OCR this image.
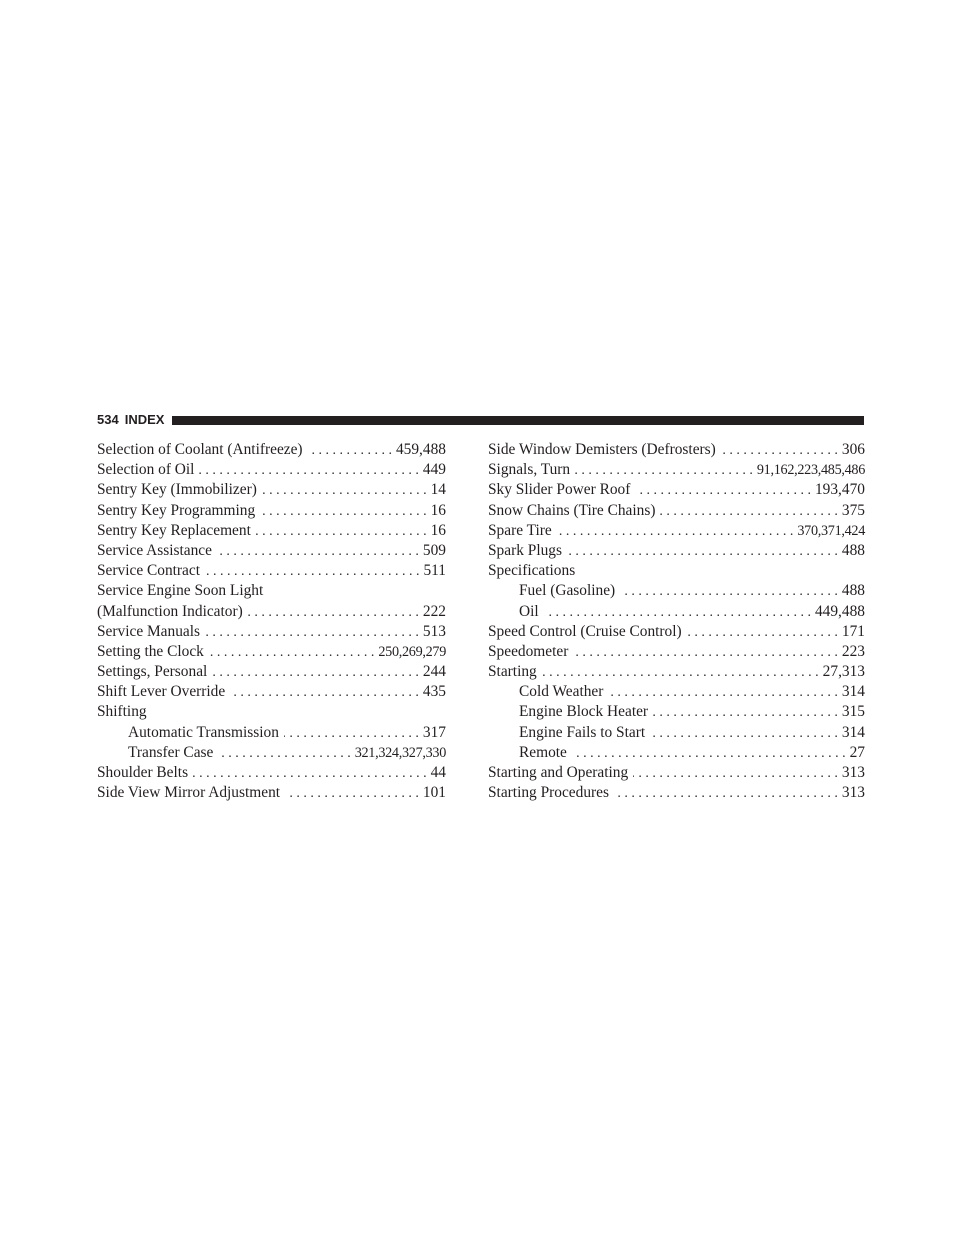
534 INDEX
Selection of Coolant (Antifreeze) . . .	459,488
Selection of Oil . . .	449
Sentry Key (Immobilizer) . . .	14
Sentry Key Programming . . .	16
Sentry Key Replacement . . .	16
Service Assistance . . .	509
Service Contract . . .	511
Service Engine Soon Light
(Malfunction Indicator) . . .	222
Service Manuals . . .	513
Setting the Clock . . .	250,269,279
Settings, Personal . . .	244
Shift Lever Override . . .	435
Shifting
Automatic Transmission . . .	317
Transfer Case . . .	321,324,327,330
Shoulder Belts . . .	44
Side View Mirror Adjustment . . .	101
Side Window Demisters (Defrosters) . . .	306
Signals, Turn . . .	91,162,223,485,486
Sky Slider Power Roof . . .	193,470
Snow Chains (Tire Chains) . . .	375
Spare Tire . . .	370,371,424
Spark Plugs . . .	488
Specifications
Fuel (Gasoline) . . .	488
Oil . . .	449,488
Speed Control (Cruise Control) . . .	171
Speedometer . . .	223
Starting . . .	27,313
Cold Weather . . .	314
Engine Block Heater . . .	315
Engine Fails to Start . . .	314
Remote . . .	27
Starting and Operating . . .	313
Starting Procedures . . .	313
